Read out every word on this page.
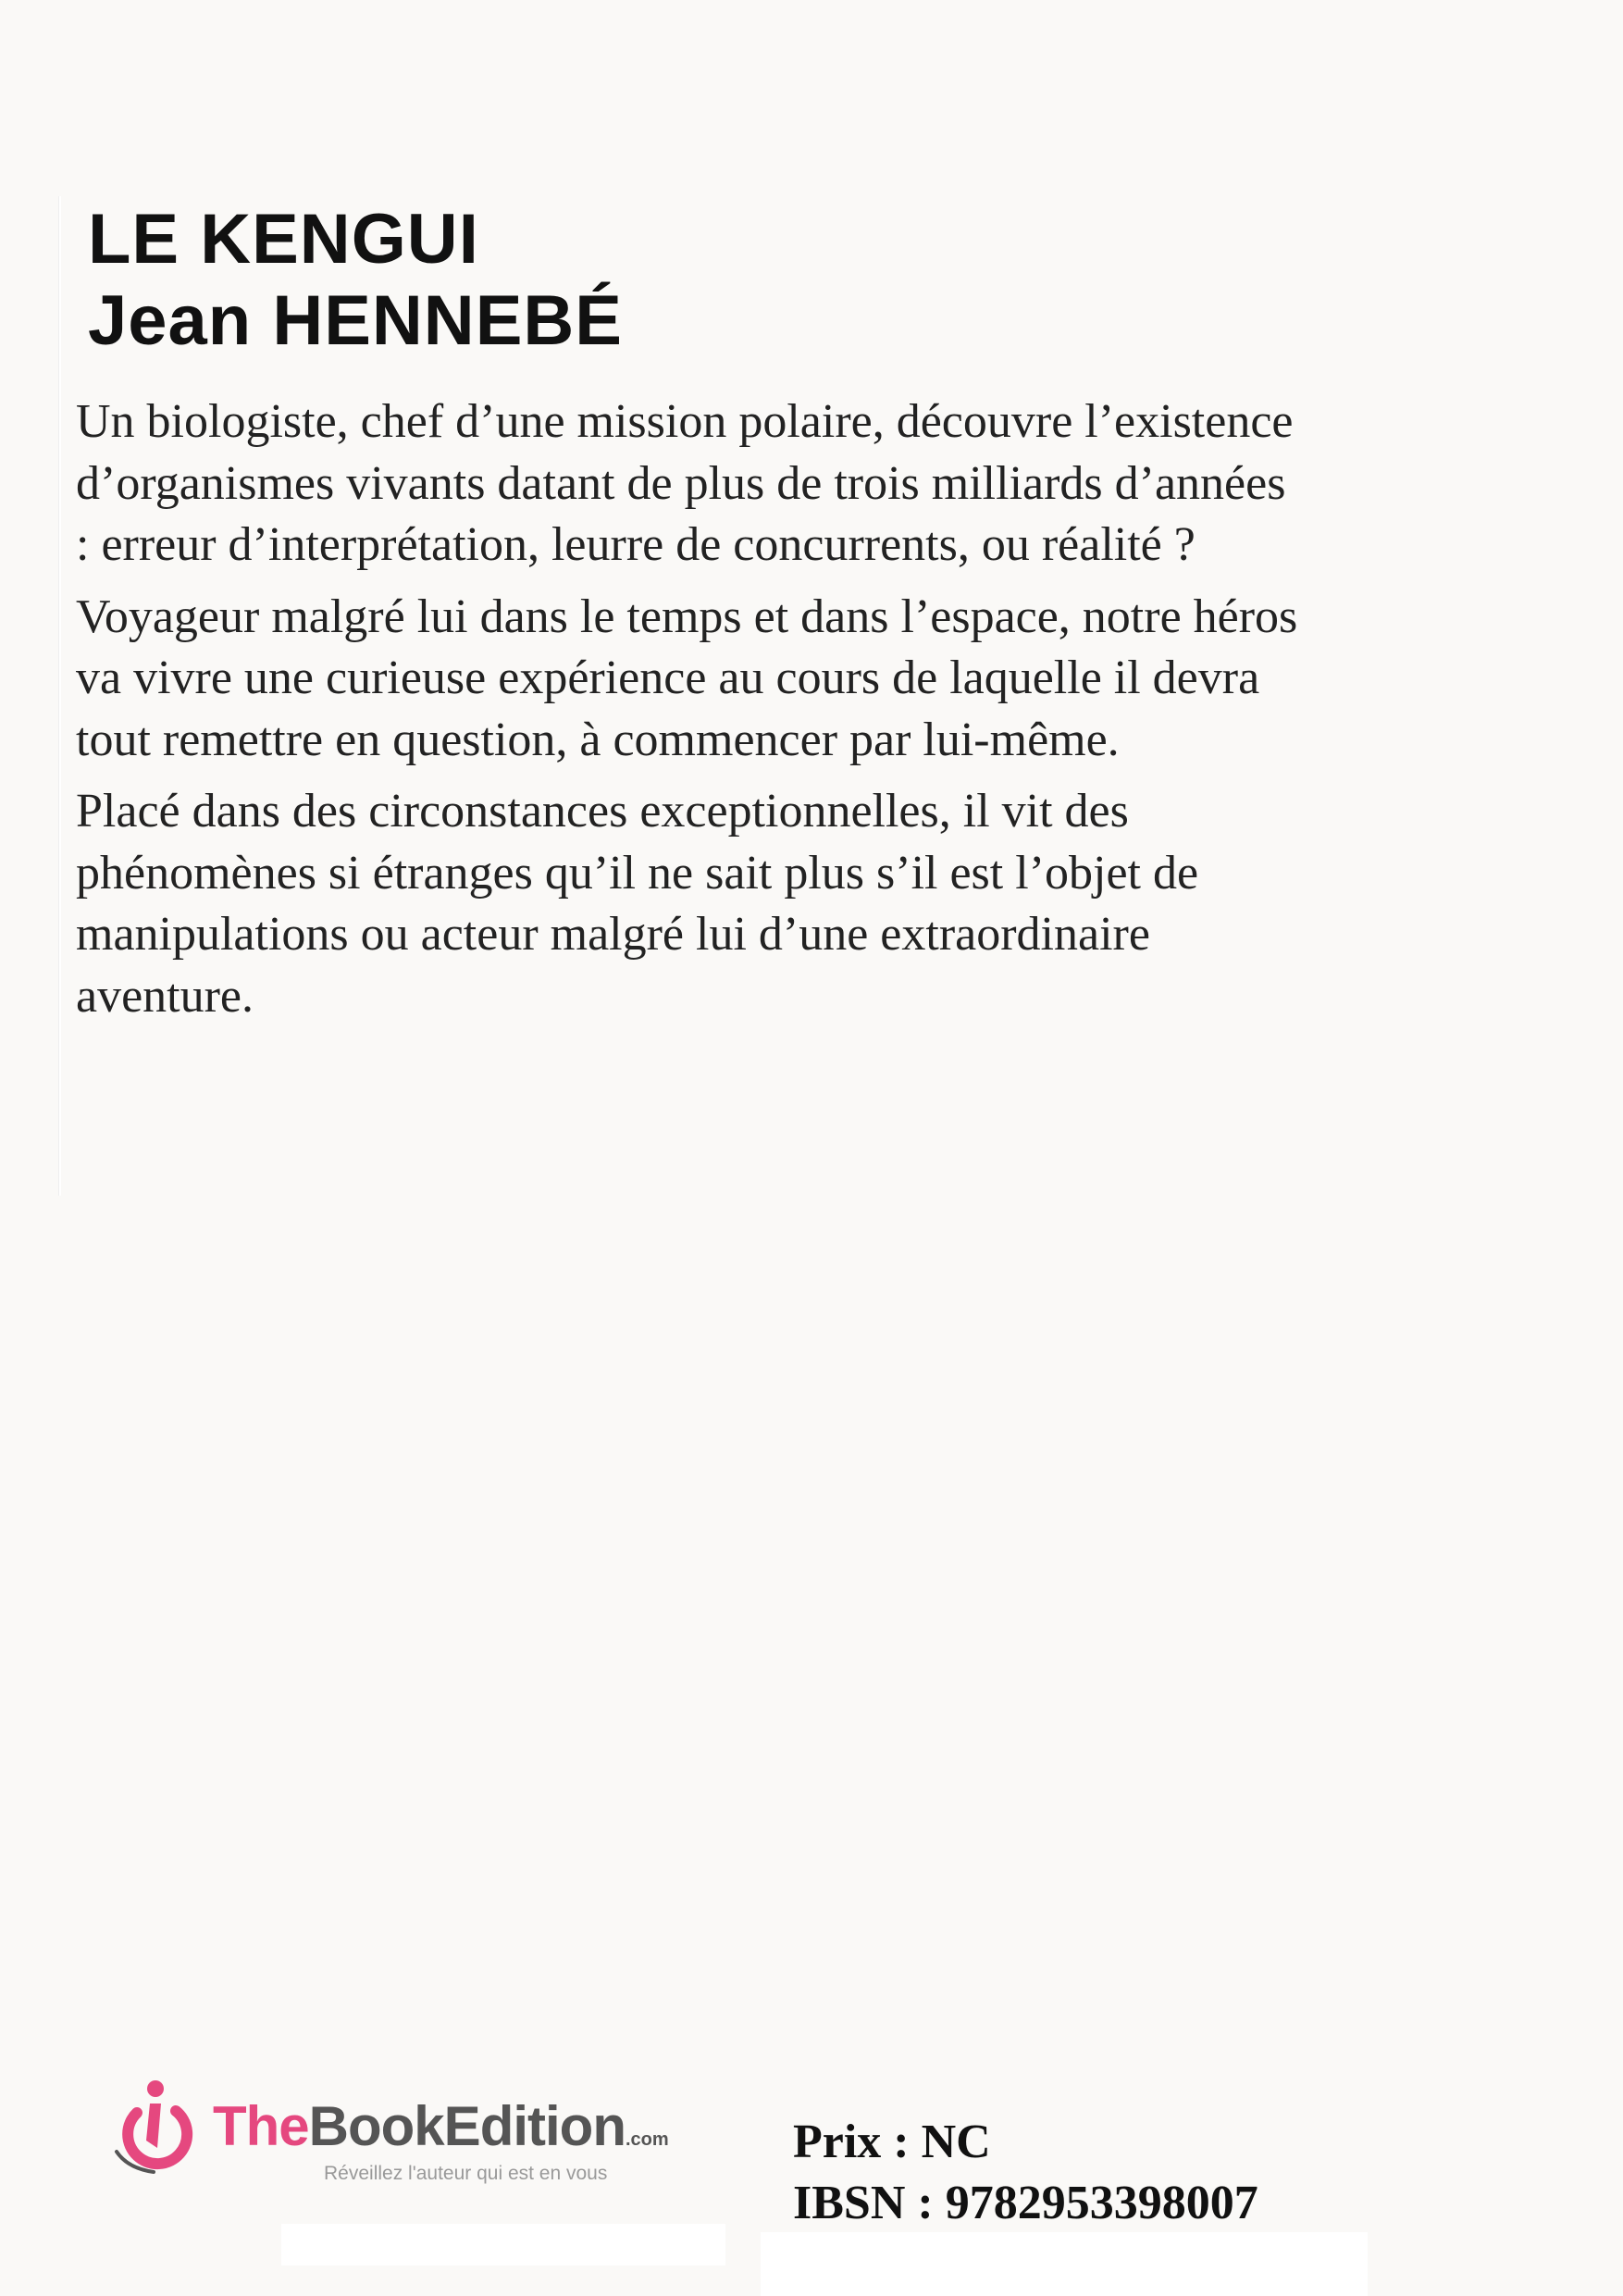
LE KENGUI
Jean HENNEBÉ

Un biologiste, chef d’une mission polaire, découvre l’existence d’organismes vivants datant de plus de trois milliards d’années : erreur d’interprétation, leurre de concurrents, ou réalité ?

Voyageur malgré lui dans le temps et dans l’espace, notre héros va vivre une curieuse expérience au cours de laquelle il devra tout remettre en question, à commencer par lui-même.

Placé dans des circonstances exceptionnelles, il vit des phénomènes si étranges qu’il ne sait plus s’il est l’objet de manipulations ou acteur malgré lui d’une extraordinaire aventure.

TheBookEdition.com
Réveillez l'auteur qui est en vous
Prix : NC
IBSN : 9782953398007
